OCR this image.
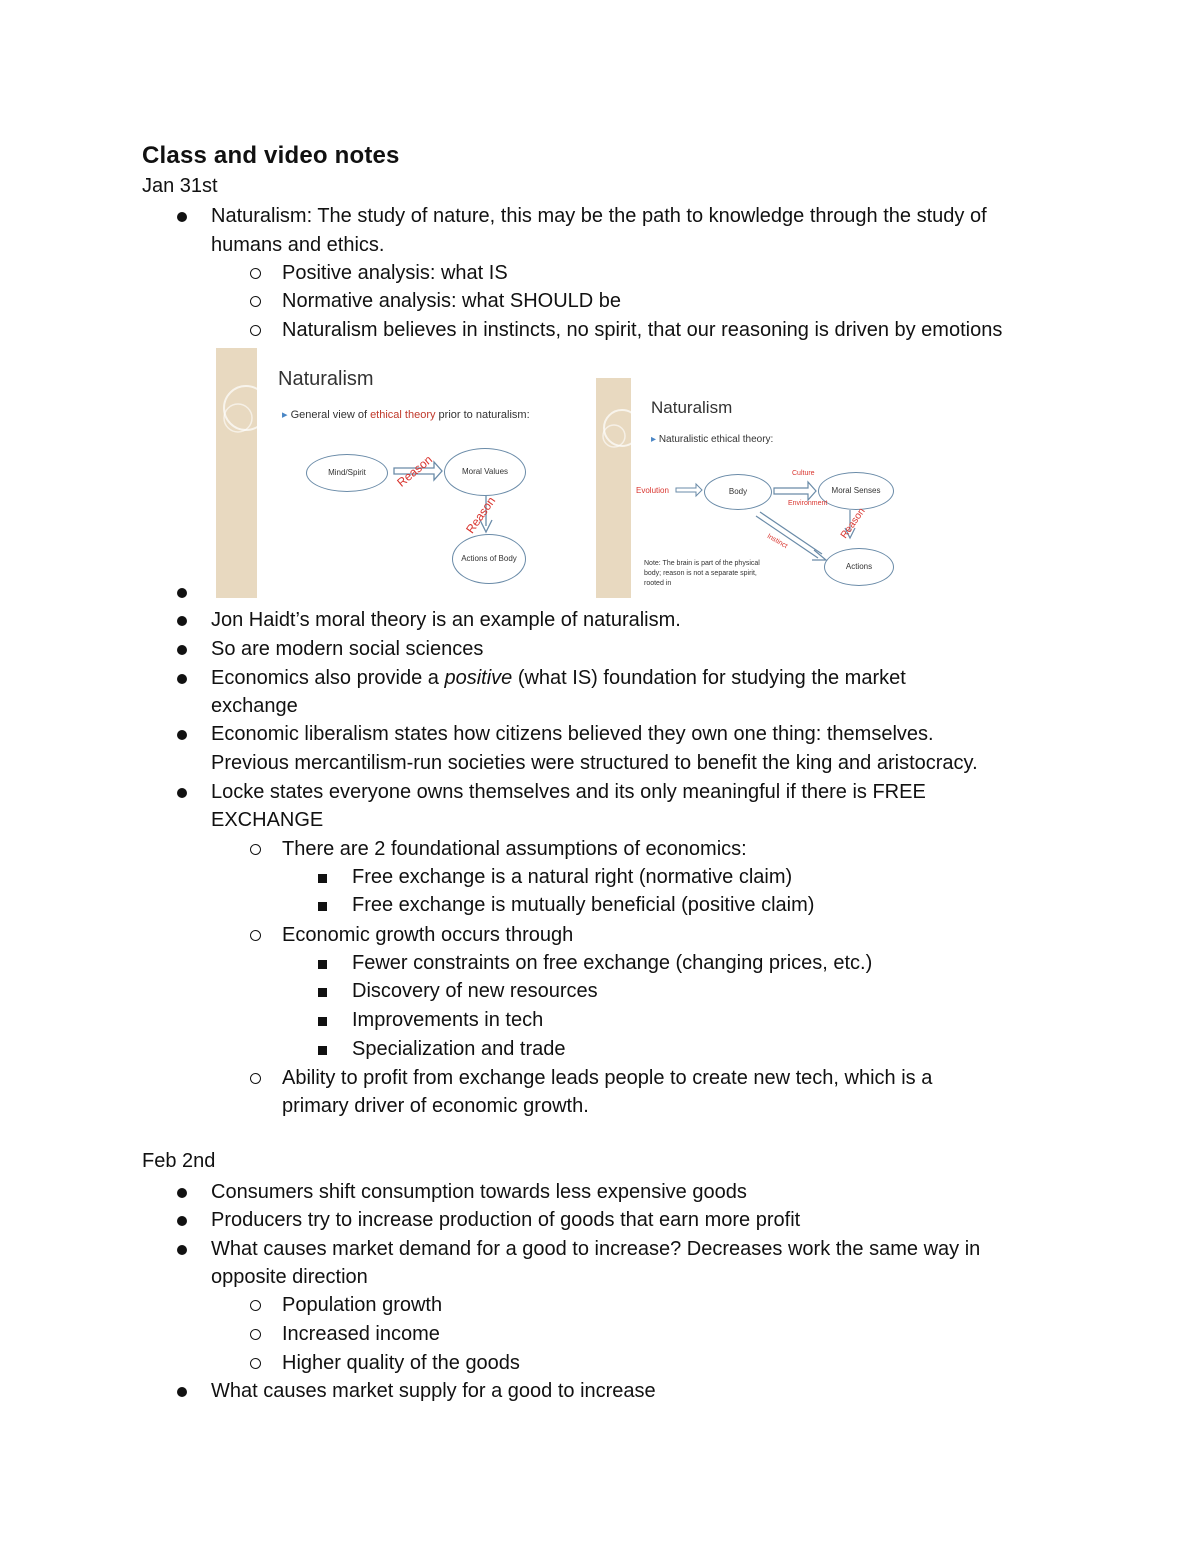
Class and video notes
Jan 31st
Naturalism: The study of nature, this may be the path to knowledge through the study of
humans and ethics.
Positive analysis: what IS
Normative analysis: what SHOULD be
Naturalism believes in instincts, no spirit, that our reasoning is driven by emotions
Naturalism
▸ General view of ethical theory prior to naturalism:
Mind/Spirit	Moral Values
Actions of Body
Reason
Reason
Naturalism
▸ Naturalistic ethical theory:
Evolution	Body	Moral Senses
Actions
Culture
Environment
Reason
Instinct
Note: The brain is part of the physical
body; reason is not a separate spirit,
rooted in
Jon Haidt’s moral theory is an example of naturalism.
So are modern social sciences
Economics also provide a positive (what IS) foundation for studying the market
exchange
Economic liberalism states how citizens believed they own one thing: themselves.
Previous mercantilism-run societies were structured to benefit the king and aristocracy.
Locke states everyone owns themselves and its only meaningful if there is FREE
EXCHANGE
There are 2 foundational assumptions of economics:
Free exchange is a natural right (normative claim)
Free exchange is mutually beneficial (positive claim)
Economic growth occurs through
Fewer constraints on free exchange (changing prices, etc.)
Discovery of new resources
Improvements in tech
Specialization and trade
Ability to profit from exchange leads people to create new tech, which is a
primary driver of economic growth.
Feb 2nd
Consumers shift consumption towards less expensive goods
Producers try to increase production of goods that earn more profit
What causes market demand for a good to increase? Decreases work the same way in
opposite direction
Population growth
Increased income
Higher quality of the goods
What causes market supply for a good to increase
